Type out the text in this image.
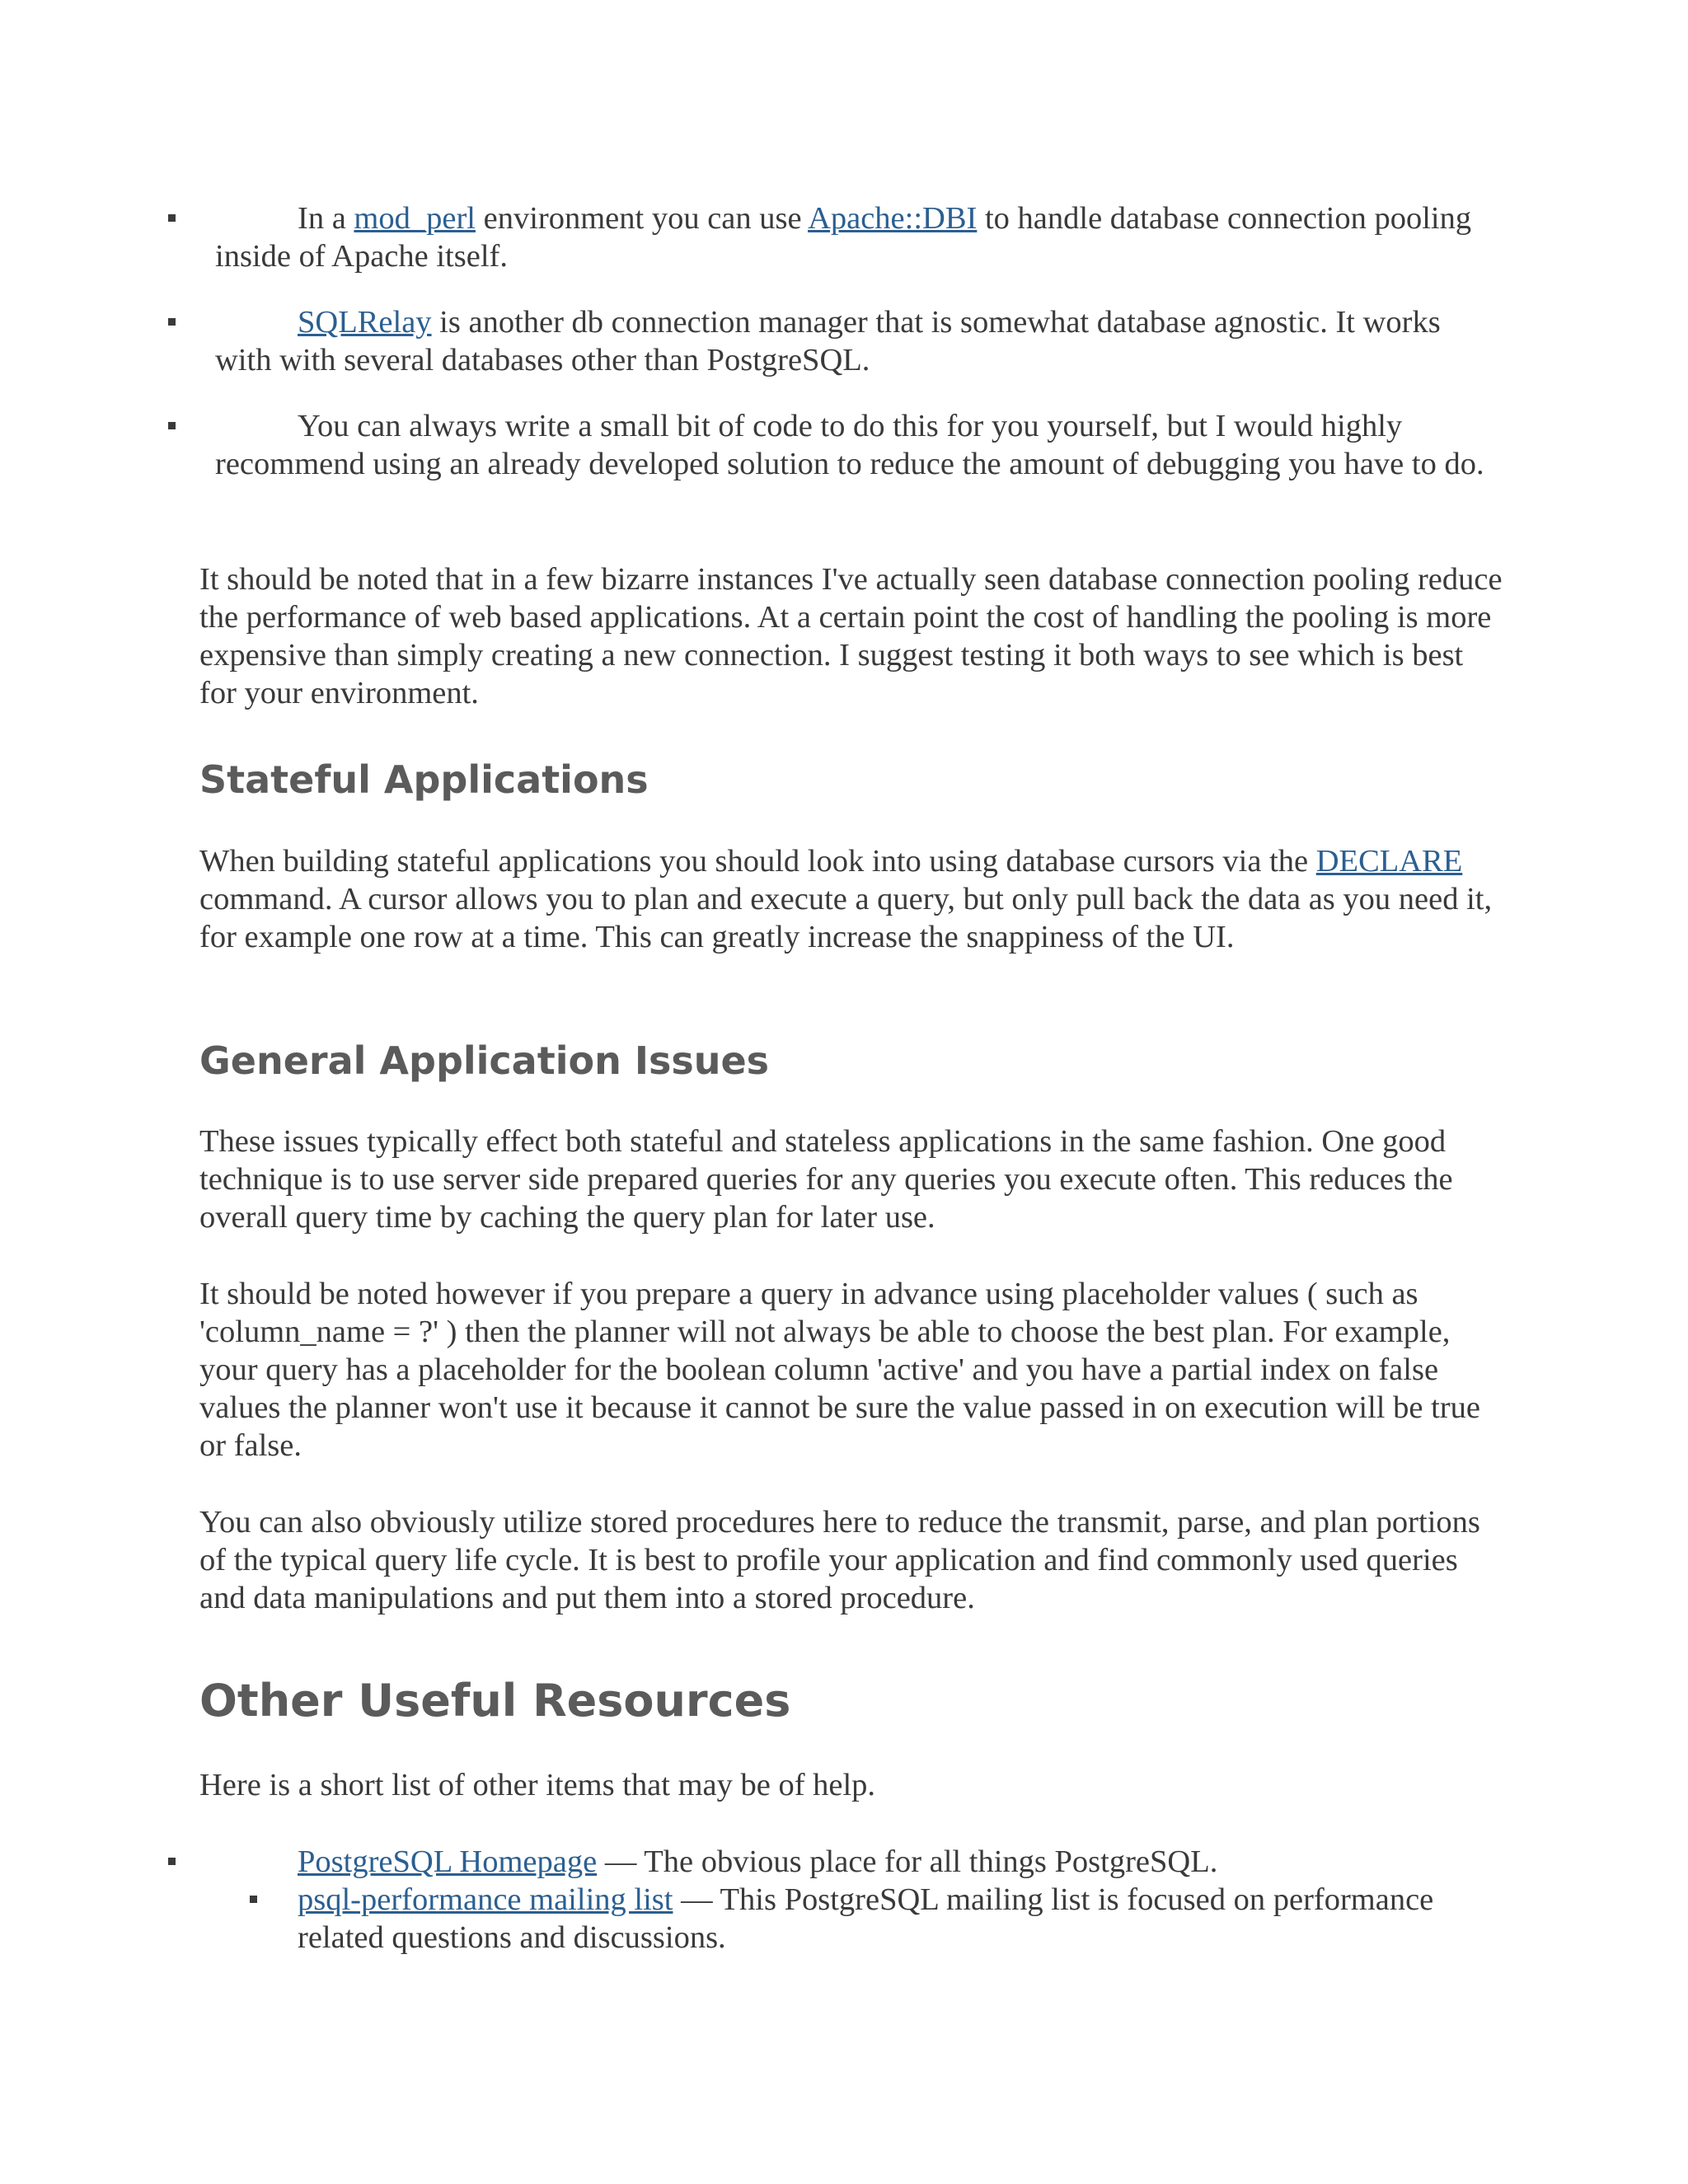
In a mod_perl environment you can use Apache::DBI to handle database connection pooling inside of Apache itself.
SQLRelay is another db connection manager that is somewhat database agnostic. It works with with several databases other than PostgreSQL.
You can always write a small bit of code to do this for you yourself, but I would highly recommend using an already developed solution to reduce the amount of debugging you have to do.
It should be noted that in a few bizarre instances I've actually seen database connection pooling reduce the performance of web based applications. At a certain point the cost of handling the pooling is more expensive than simply creating a new connection. I suggest testing it both ways to see which is best for your environment.
Stateful Applications
When building stateful applications you should look into using database cursors via the DECLARE command. A cursor allows you to plan and execute a query, but only pull back the data as you need it, for example one row at a time. This can greatly increase the snappiness of the UI.
General Application Issues
These issues typically effect both stateful and stateless applications in the same fashion. One good technique is to use server side prepared queries for any queries you execute often. This reduces the overall query time by caching the query plan for later use.
It should be noted however if you prepare a query in advance using placeholder values ( such as 'column_name = ?' ) then the planner will not always be able to choose the best plan. For example, your query has a placeholder for the boolean column 'active' and you have a partial index on false values the planner won't use it because it cannot be sure the value passed in on execution will be true or false.
You can also obviously utilize stored procedures here to reduce the transmit, parse, and plan portions of the typical query life cycle. It is best to profile your application and find commonly used queries and data manipulations and put them into a stored procedure.
Other Useful Resources
Here is a short list of other items that may be of help.
PostgreSQL Homepage — The obvious place for all things PostgreSQL.
psql-performance mailing list — This PostgreSQL mailing list is focused on performance related questions and discussions.
